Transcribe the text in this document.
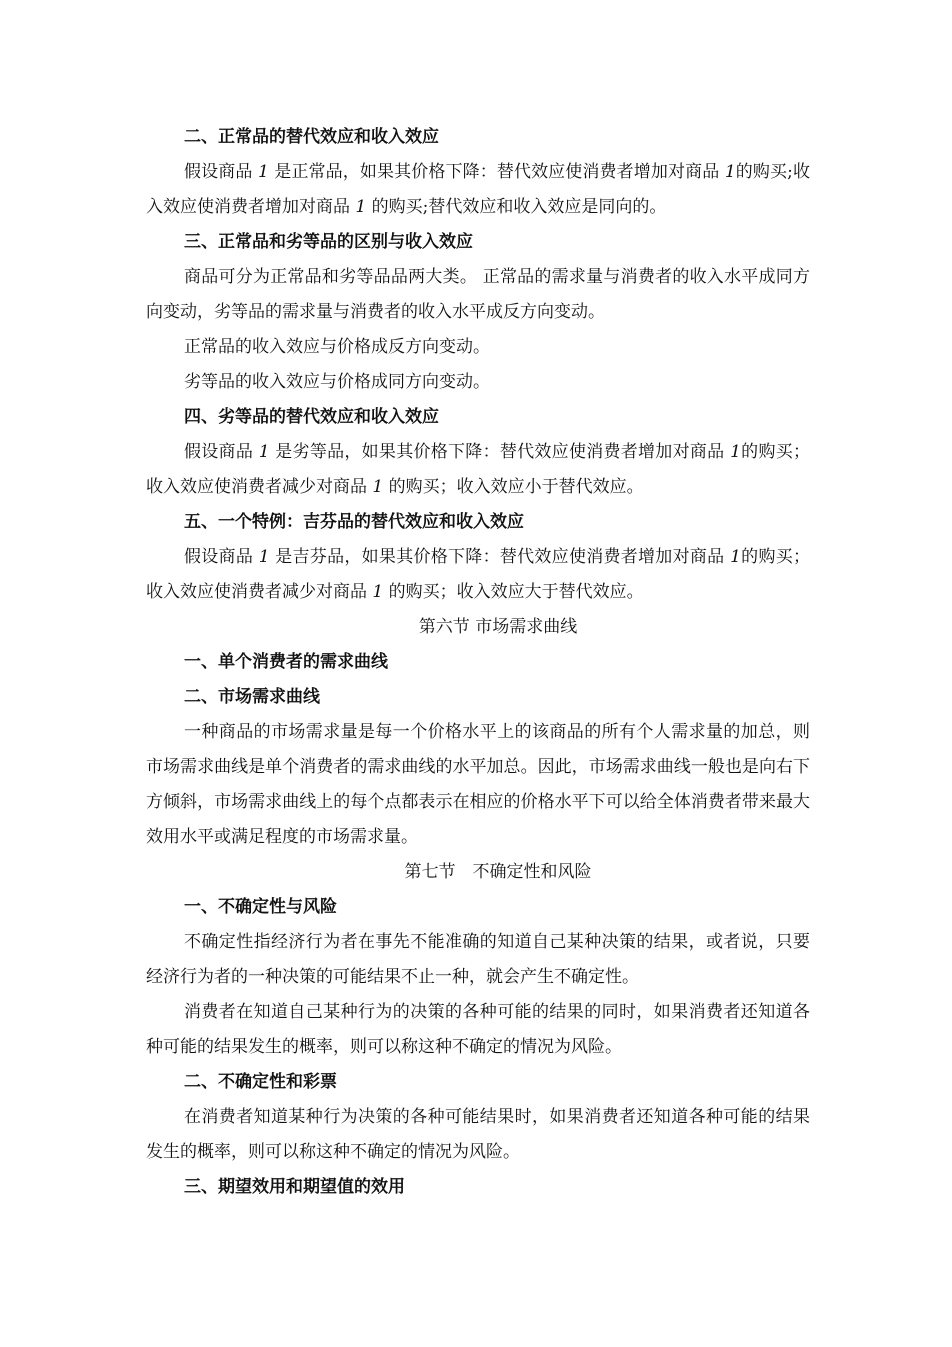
二、正常品的替代效应和收入效应
假设商品 1 是正常品，如果其价格下降：替代效应使消费者增加对商品 1的购买;收入效应使消费者增加对商品 1 的购买;替代效应和收入效应是同向的。
三、正常品和劣等品的区别与收入效应
商品可分为正常品和劣等品品两大类。 正常品的需求量与消费者的收入水平成同方向变动，劣等品的需求量与消费者的收入水平成反方向变动。
正常品的收入效应与价格成反方向变动。
劣等品的收入效应与价格成同方向变动。
四、劣等品的替代效应和收入效应
假设商品 1 是劣等品，如果其价格下降：替代效应使消费者增加对商品 1的购买；收入效应使消费者减少对商品 1 的购买；收入效应小于替代效应。
五、一个特例：吉芬品的替代效应和收入效应
假设商品 1 是吉芬品，如果其价格下降：替代效应使消费者增加对商品 1的购买；收入效应使消费者减少对商品 1 的购买；收入效应大于替代效应。
第六节 市场需求曲线
一、单个消费者的需求曲线
二、市场需求曲线
一种商品的市场需求量是每一个价格水平上的该商品的所有个人需求量的加总，则市场需求曲线是单个消费者的需求曲线的水平加总。因此，市场需求曲线一般也是向右下方倾斜，市场需求曲线上的每个点都表示在相应的价格水平下可以给全体消费者带来最大效用水平或满足程度的市场需求量。
第七节　不确定性和风险
一、不确定性与风险
不确定性指经济行为者在事先不能准确的知道自己某种决策的结果，或者说，只要经济行为者的一种决策的可能结果不止一种，就会产生不确定性。
消费者在知道自己某种行为的决策的各种可能的结果的同时，如果消费者还知道各种可能的结果发生的概率，则可以称这种不确定的情况为风险。
二、不确定性和彩票
在消费者知道某种行为决策的各种可能结果时，如果消费者还知道各种可能的结果发生的概率，则可以称这种不确定的情况为风险。
三、期望效用和期望值的效用
